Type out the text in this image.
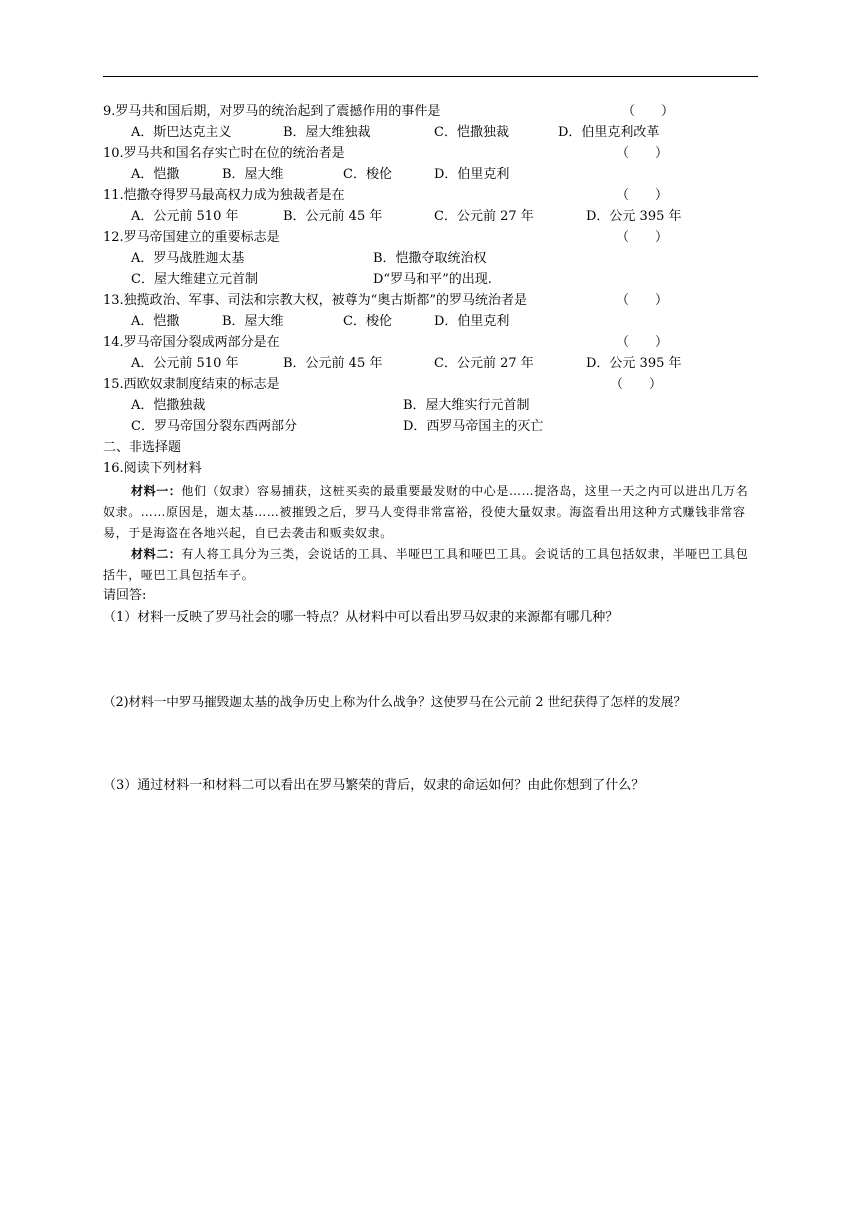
9.罗马共和国后期，对罗马的统治起到了震撼作用的事件是	（　　）
A．斯巴达克主义	B．屋大维独裁	C．恺撒独裁	D．伯里克利改革
10.罗马共和国名存实亡时在位的统治者是	（　　）
A．恺撒	B．屋大维	C．梭伦	D．伯里克利
11.恺撒夺得罗马最高权力成为独裁者是在	（　　）
A．公元前 510 年	B．公元前 45 年	C．公元前 27 年	D．公元 395 年
12.罗马帝国建立的重要标志是	（　　）
A．罗马战胜迦太基	B．恺撒夺取统治权
C．屋大维建立元首制	D“罗马和平”的出现.
13.独揽政治、军事、司法和宗教大权，被尊为“奥古斯都”的罗马统治者是	（　　）
A．恺撒	B．屋大维	C．梭伦	D．伯里克利
14.罗马帝国分裂成两部分是在	（　　）
A．公元前 510 年	B．公元前 45 年	C．公元前 27 年	D．公元 395 年
15.西欧奴隶制度结束的标志是	（　　）
A．恺撒独裁	B．屋大维实行元首制
C．罗马帝国分裂东西两部分	D．西罗马帝国主的灭亡
二、非选择题
16.阅读下列材料
材料一：他们（奴隶）容易捕获，这桩买卖的最重要最发财的中心是……提洛岛，这里一天之内可以进出几万名奴隶。……原因是，迦太基……被摧毁之后，罗马人变得非常富裕，役使大量奴隶。海盗看出用这种方式赚钱非常容易，于是海盗在各地兴起，自已去袭击和贩卖奴隶。
材料二：有人将工具分为三类，会说话的工具、半哑巴工具和哑巴工具。会说话的工具包括奴隶，半哑巴工具包括牛，哑巴工具包括车子。
请回答:
（1）材料一反映了罗马社会的哪一特点？从材料中可以看出罗马奴隶的来源都有哪几种？
（2)材料一中罗马摧毁迦太基的战争历史上称为什么战争？这使罗马在公元前 2 世纪获得了怎样的发展？
（3）通过材料一和材料二可以看出在罗马繁荣的背后，奴隶的命运如何？由此你想到了什么？
